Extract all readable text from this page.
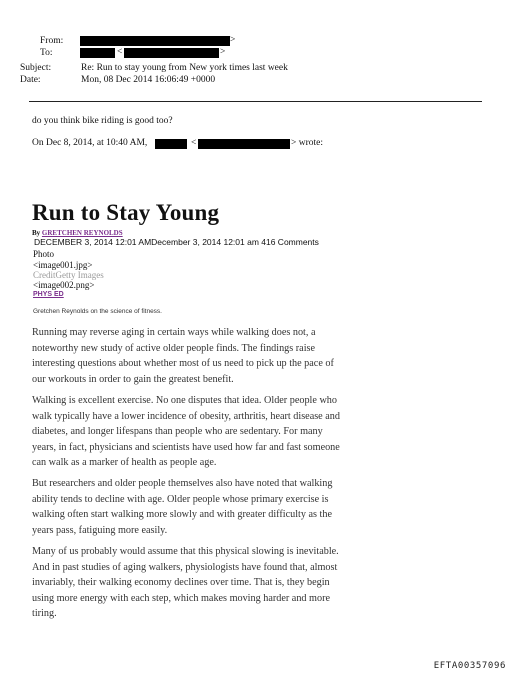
From:	>
To:	<	>
Subject:	Re: Run to stay young from New york times last week
Date:	Mon, 08 Dec 2014 16:06:49 +0000
do you think bike riding is good too?
On Dec 8, 2014, at 10:40 AM,	<	> wrote:
Run to Stay Young
By GRETCHEN REYNOLDS
DECEMBER 3, 2014 12:01 AMDecember 3, 2014 12:01 am 416 Comments
Photo
<image001.jpg>
CreditGetty Images
<image002.png>
PHYS ED
Gretchen Reynolds on the science of fitness.
Running may reverse aging in certain ways while walking does not, a
noteworthy new study of active older people finds. The findings raise
interesting questions about whether most of us need to pick up the pace of
our workouts in order to gain the greatest benefit.
Walking is excellent exercise. No one disputes that idea. Older people who
walk typically have a lower incidence of obesity, arthritis, heart disease and
diabetes, and longer lifespans than people who are sedentary. For many
years, in fact, physicians and scientists have used how far and fast someone
can walk as a marker of health as people age.
But researchers and older people themselves also have noted that walking
ability tends to decline with age. Older people whose primary exercise is
walking often start walking more slowly and with greater difficulty as the
years pass, fatiguing more easily.
Many of us probably would assume that this physical slowing is inevitable.
And in past studies of aging walkers, physiologists have found that, almost
invariably, their walking economy declines over time. That is, they begin
using more energy with each step, which makes moving harder and more
tiring.
EFTA00357096
